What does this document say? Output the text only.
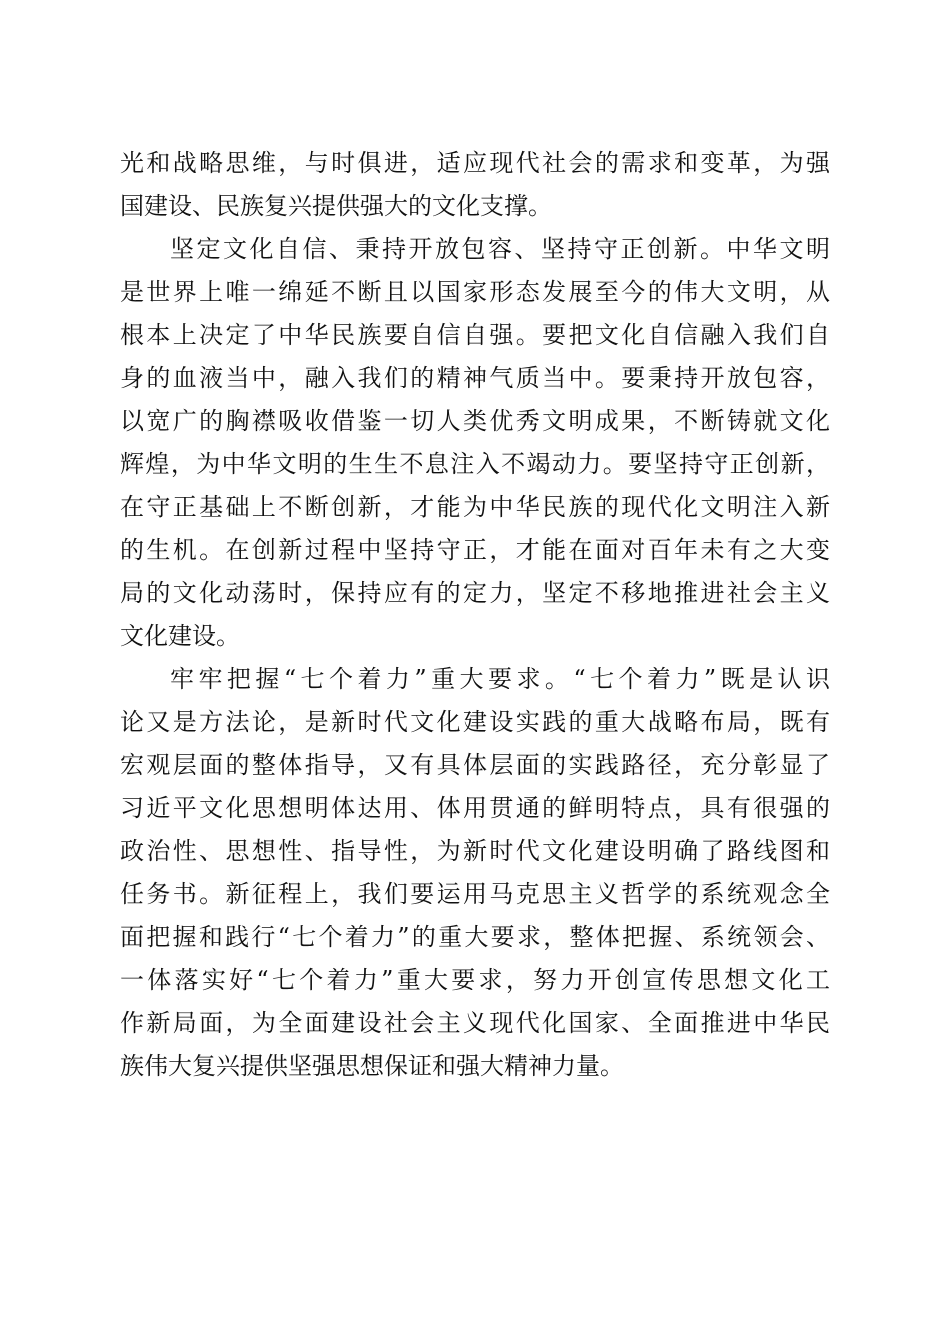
光和战略思维，与时俱进，适应现代社会的需求和变革，为强
国建设、民族复兴提供强大的文化支撑。
坚定文化自信、秉持开放包容、坚持守正创新。中华文明
是世界上唯一绵延不断且以国家形态发展至今的伟大文明，从
根本上决定了中华民族要自信自强。要把文化自信融入我们自
身的血液当中，融入我们的精神气质当中。要秉持开放包容，
以宽广的胸襟吸收借鉴一切人类优秀文明成果，不断铸就文化
辉煌，为中华文明的生生不息注入不竭动力。要坚持守正创新，
在守正基础上不断创新，才能为中华民族的现代化文明注入新
的生机。在创新过程中坚持守正，才能在面对百年未有之大变
局的文化动荡时，保持应有的定力，坚定不移地推进社会主义
文化建设。
牢牢把握“七个着力”重大要求。“七个着力”既是认识
论又是方法论，是新时代文化建设实践的重大战略布局，既有
宏观层面的整体指导，又有具体层面的实践路径，充分彰显了
习近平文化思想明体达用、体用贯通的鲜明特点，具有很强的
政治性、思想性、指导性，为新时代文化建设明确了路线图和
任务书。新征程上，我们要运用马克思主义哲学的系统观念全
面把握和践行“七个着力”的重大要求，整体把握、系统领会、
一体落实好“七个着力”重大要求，努力开创宣传思想文化工
作新局面，为全面建设社会主义现代化国家、全面推进中华民
族伟大复兴提供坚强思想保证和强大精神力量。
